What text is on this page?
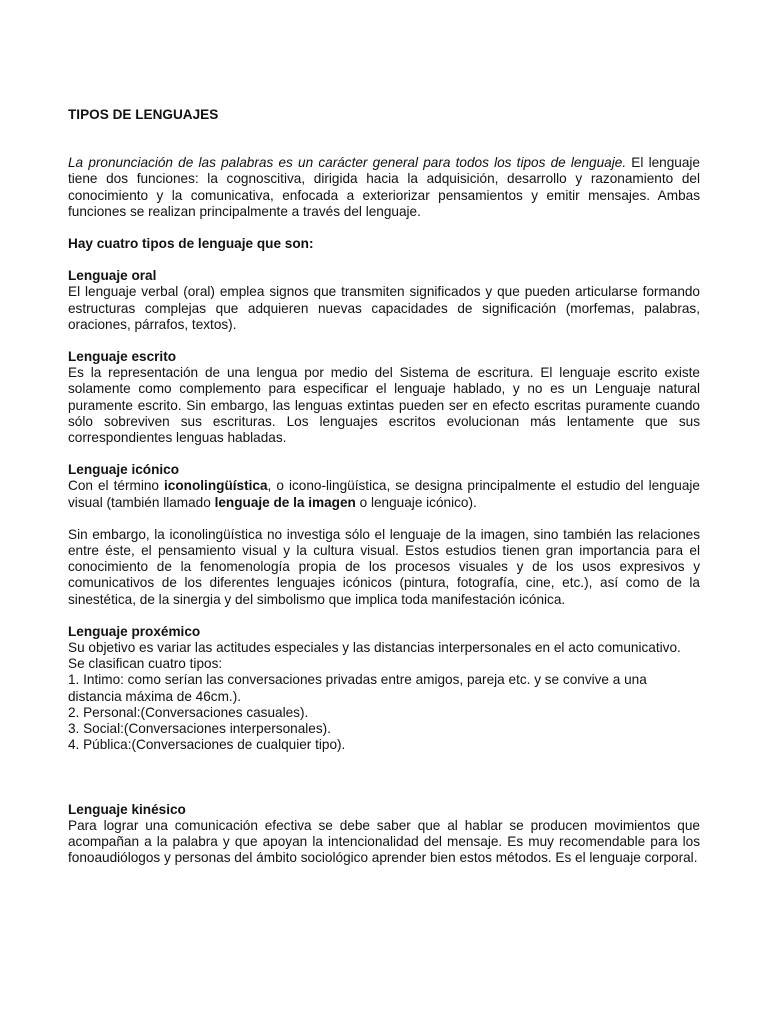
TIPOS DE LENGUAJES

La pronunciación de las palabras es un carácter general para todos los tipos de lenguaje. El lenguaje tiene dos funciones: la cognoscitiva, dirigida hacia la adquisición, desarrollo y razonamiento del conocimiento y la comunicativa, enfocada a exteriorizar pensamientos y emitir mensajes. Ambas funciones se realizan principalmente a través del lenguaje.

Hay cuatro tipos de lenguaje que son:

Lenguaje oral

El lenguaje verbal (oral) emplea signos que transmiten significados y que pueden articularse formando estructuras complejas que adquieren nuevas capacidades de significación (morfemas, palabras, oraciones, párrafos, textos).

Lenguaje escrito

Es la representación de una lengua por medio del Sistema de escritura. El lenguaje escrito existe solamente como complemento para especificar el lenguaje hablado, y no es un Lenguaje natural puramente escrito. Sin embargo, las lenguas extintas pueden ser en efecto escritas puramente cuando sólo sobreviven sus escrituras. Los lenguajes escritos evolucionan más lentamente que sus correspondientes lenguas habladas.

Lenguaje icónico

Con el término iconolingüística, o icono-lingüística, se designa principalmente el estudio del lenguaje visual (también llamado lenguaje de la imagen o lenguaje icónico).

Sin embargo, la iconolingüística no investiga sólo el lenguaje de la imagen, sino también las relaciones entre éste, el pensamiento visual y la cultura visual. Estos estudios tienen gran importancia para el conocimiento de la fenomenología propia de los procesos visuales y de los usos expresivos y comunicativos de los diferentes lenguajes icónicos (pintura, fotografía, cine, etc.), así como de la sinestética, de la sinergia y del simbolismo que implica toda manifestación icónica.

Lenguaje proxémico

Su objetivo es variar las actitudes especiales y las distancias interpersonales en el acto comunicativo.

Se clasifican cuatro tipos:

1. Intimo: como serían las conversaciones privadas entre amigos, pareja etc. y se convive a una distancia máxima de 46cm.).

2. Personal:(Conversaciones casuales).

3. Social:(Conversaciones interpersonales).

4. Pública:(Conversaciones de cualquier tipo).

Lenguaje kinésico

Para lograr una comunicación efectiva se debe saber que al hablar se producen movimientos que acompañan a la palabra y que apoyan la intencionalidad del mensaje. Es muy recomendable para los fonoaudiólogos y personas del ámbito sociológico aprender bien estos métodos. Es el lenguaje corporal.
